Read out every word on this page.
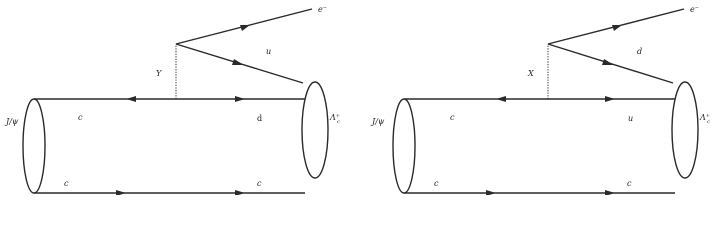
Y
e−
u
J/ψ	Λ+ c
c	d
c	c
X
e−
d
J/ψ	Λ+ c
c	u
c	c
